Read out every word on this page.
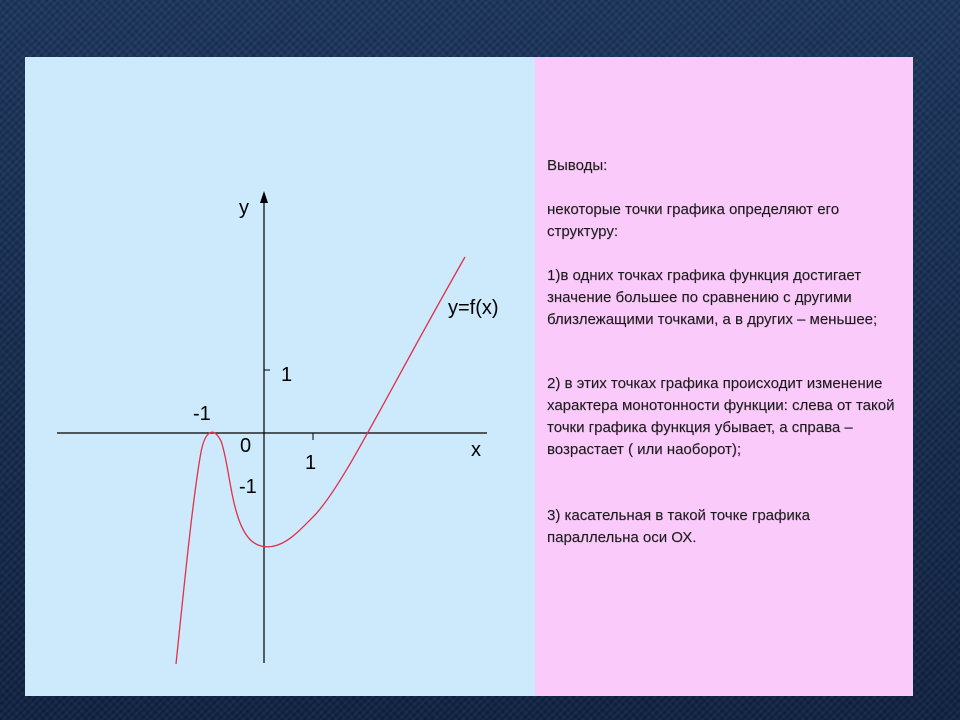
y
x
0
1
1
-1
-1
y=f(x)

Выводы:

некоторые точки графика определяют его структуру:

1)в одних точках графика функция достигает значение большее по сравнению с другими близлежащими точками, а в других – меньшее;

2) в этих точках графика происходит изменение характера монотонности функции: слева от такой точки графика функция убывает, а справа – возрастает ( или наоборот);

3) касательная в такой точке графика параллельна оси ОХ.
